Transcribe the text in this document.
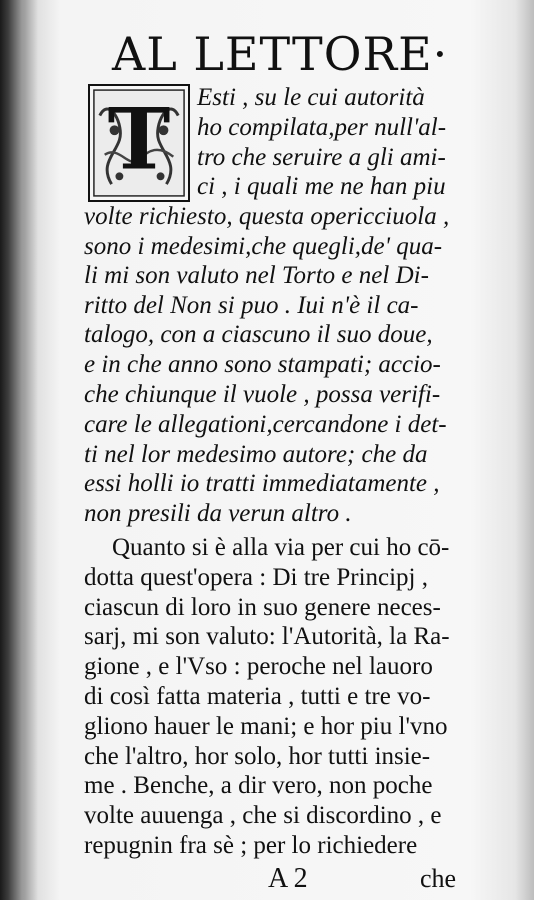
AL LETTORE·
T Esti , su le cui autorità
ho compilata,per null'al-
tro che seruire a gli ami-
ci , i quali me ne han piu
volte richiesto, questa opericciuola ,
sono i medesimi,che quegli,de' qua-
li mi son valuto nel Torto e nel Di-
ritto del Non si puo . Iui n'è il ca-
talogo, con a ciascuno il suo doue,
e in che anno sono stampati; accio-
che chiunque il vuole , possa verifi-
care le allegationi,cercandone i det-
ti nel lor medesimo autore; che da
essi holli io tratti immediatamente ,
non presili da verun altro .
Quanto si è alla via per cui ho cō-
dotta quest'opera : Di tre Principj ,
ciascun di loro in suo genere neces-
sarj, mi son valuto: l'Autorità, la Ra-
gione , e l'Vso : peroche nel lauoro
di così fatta materia , tutti e tre vo-
gliono hauer le mani; e hor piu l'vno
che l'altro, hor solo, hor tutti insie-
me . Benche, a dir vero, non poche
volte auuenga , che si discordino , e
repugnin fra sè ; per lo richiedere
A 2	che
